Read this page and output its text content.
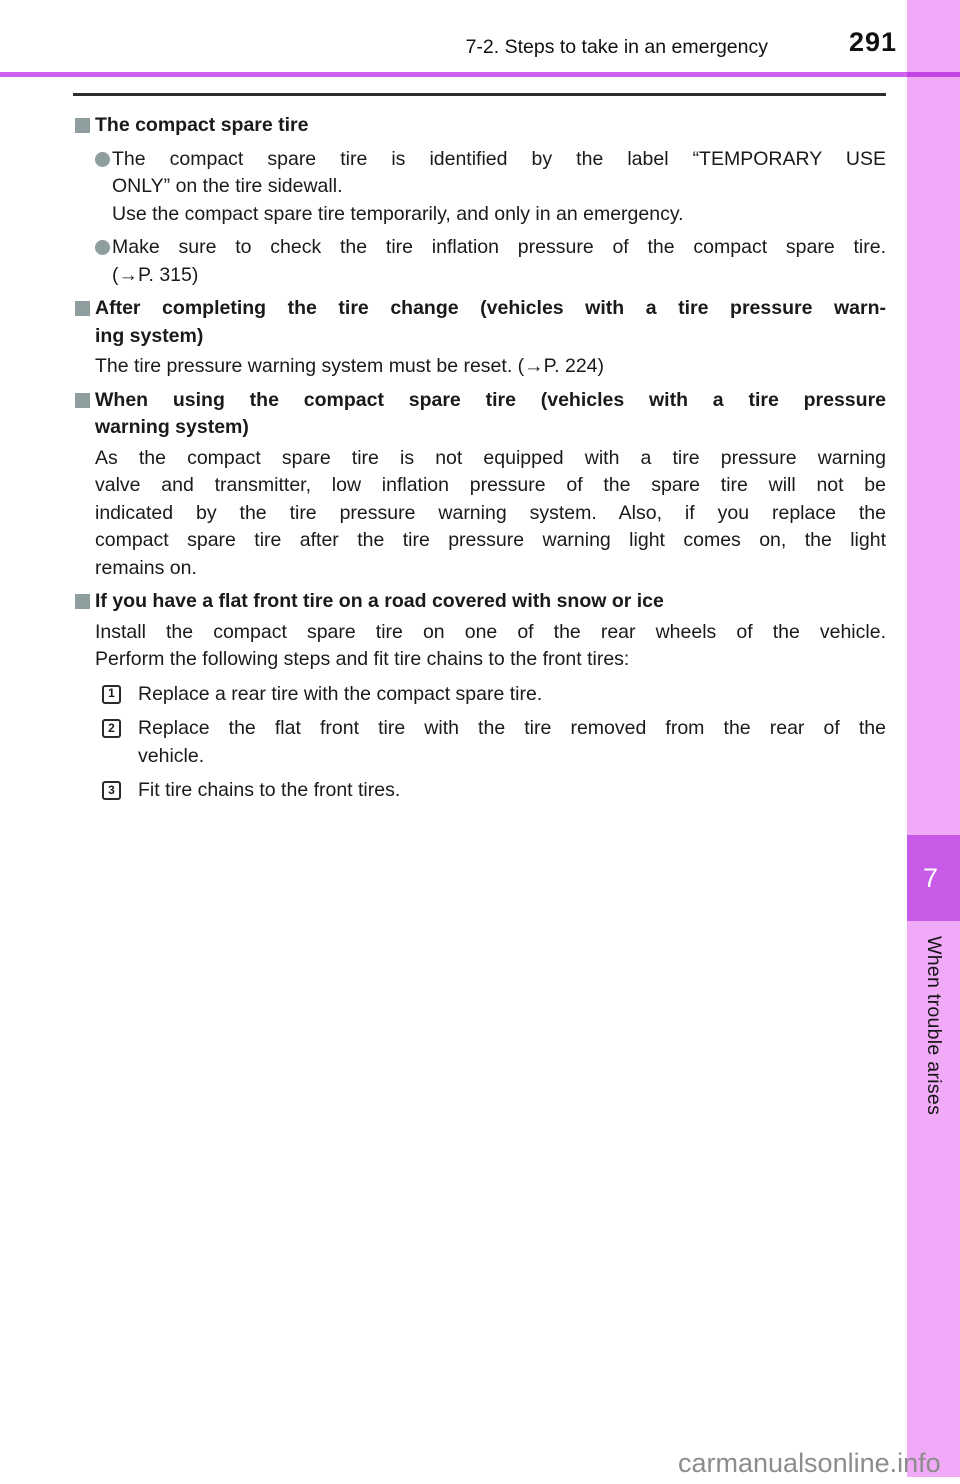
7-2. Steps to take in an emergency	291
7
When trouble arises
The compact spare tire
The compact spare tire is identified by the label “TEMPORARY USE
ONLY” on the tire sidewall.
Use the compact spare tire temporarily, and only in an emergency.
Make sure to check the tire inflation pressure of the compact spare tire.
(→P. 315)
After completing the tire change (vehicles with a tire pressure warn-
ing system)
The tire pressure warning system must be reset. (→P. 224)
When using the compact spare tire (vehicles with a tire pressure
warning system)
As the compact spare tire is not equipped with a tire pressure warning
valve and transmitter, low inflation pressure of the spare tire will not be
indicated by the tire pressure warning system. Also, if you replace the
compact spare tire after the tire pressure warning light comes on, the light
remains on.
If you have a flat front tire on a road covered with snow or ice
Install the compact spare tire on one of the rear wheels of the vehicle.
Perform the following steps and fit tire chains to the front tires:
1	Replace a rear tire with the compact spare tire.
2	Replace the flat front tire with the tire removed from the rear of the
vehicle.
3	Fit tire chains to the front tires.
carmanualsonline.info
